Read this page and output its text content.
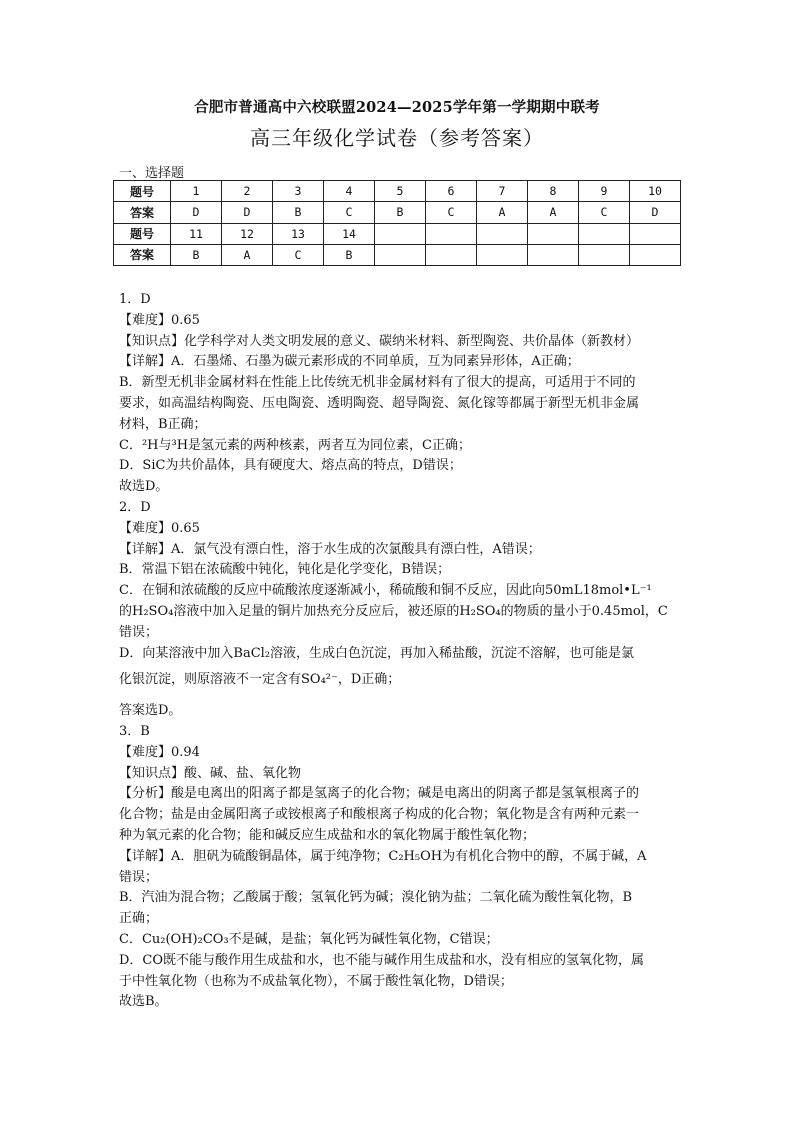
合肥市普通高中六校联盟2024—2025学年第一学期期中联考
高三年级化学试卷（参考答案）
一、选择题
题号	1	2	3	4	5	6	7	8	9	10
答案	D	D	B	C	B	C	A	A	C	D
题号	11	12	13	14						
答案	B	A	C	B						
1．D
【难度】0.65
【知识点】化学科学对人类文明发展的意义、碳纳米材料、新型陶瓷、共价晶体（新教材）
【详解】A．石墨烯、石墨为碳元素形成的不同单质，互为同素异形体，A正确；
B．新型无机非金属材料在性能上比传统无机非金属材料有了很大的提高，可适用于不同的
要求，如高温结构陶瓷、压电陶瓷、透明陶瓷、超导陶瓷、氮化镓等都属于新型无机非金属
材料，B正确；
C．²H与³H是氢元素的两种核素，两者互为同位素，C正确；
D．SiC为共价晶体，具有硬度大、熔点高的特点，D错误；
故选D。
2．D
【难度】0.65
【详解】A．氯气没有漂白性，溶于水生成的次氯酸具有漂白性，A错误；
B．常温下铝在浓硫酸中钝化，钝化是化学变化，B错误；
C．在铜和浓硫酸的反应中硫酸浓度逐渐减小，稀硫酸和铜不反应，因此向50mL18mol•L⁻¹
的H₂SO₄溶液中加入足量的铜片加热充分反应后，被还原的H₂SO₄的物质的量小于0.45mol，C
错误；
D．向某溶液中加入BaCl₂溶液，生成白色沉淀，再加入稀盐酸，沉淀不溶解，也可能是氯
化银沉淀，则原溶液不一定含有SO₄²⁻，D正确；
答案选D。
3．B
【难度】0.94
【知识点】酸、碱、盐、氧化物
【分析】酸是电离出的阳离子都是氢离子的化合物；碱是电离出的阴离子都是氢氧根离子的
化合物；盐是由金属阳离子或铵根离子和酸根离子构成的化合物；氧化物是含有两种元素一
种为氧元素的化合物；能和碱反应生成盐和水的氧化物属于酸性氧化物；
【详解】A．胆矾为硫酸铜晶体，属于纯净物；C₂H₅OH为有机化合物中的醇，不属于碱，A
错误；
B．汽油为混合物；乙酸属于酸；氢氧化钙为碱；溴化钠为盐；二氧化硫为酸性氧化物，B
正确；
C．Cu₂(OH)₂CO₃不是碱，是盐；氧化钙为碱性氧化物，C错误；
D．CO既不能与酸作用生成盐和水，也不能与碱作用生成盐和水，没有相应的氢氧化物，属
于中性氧化物（也称为不成盐氧化物），不属于酸性氧化物，D错误；
故选B。
